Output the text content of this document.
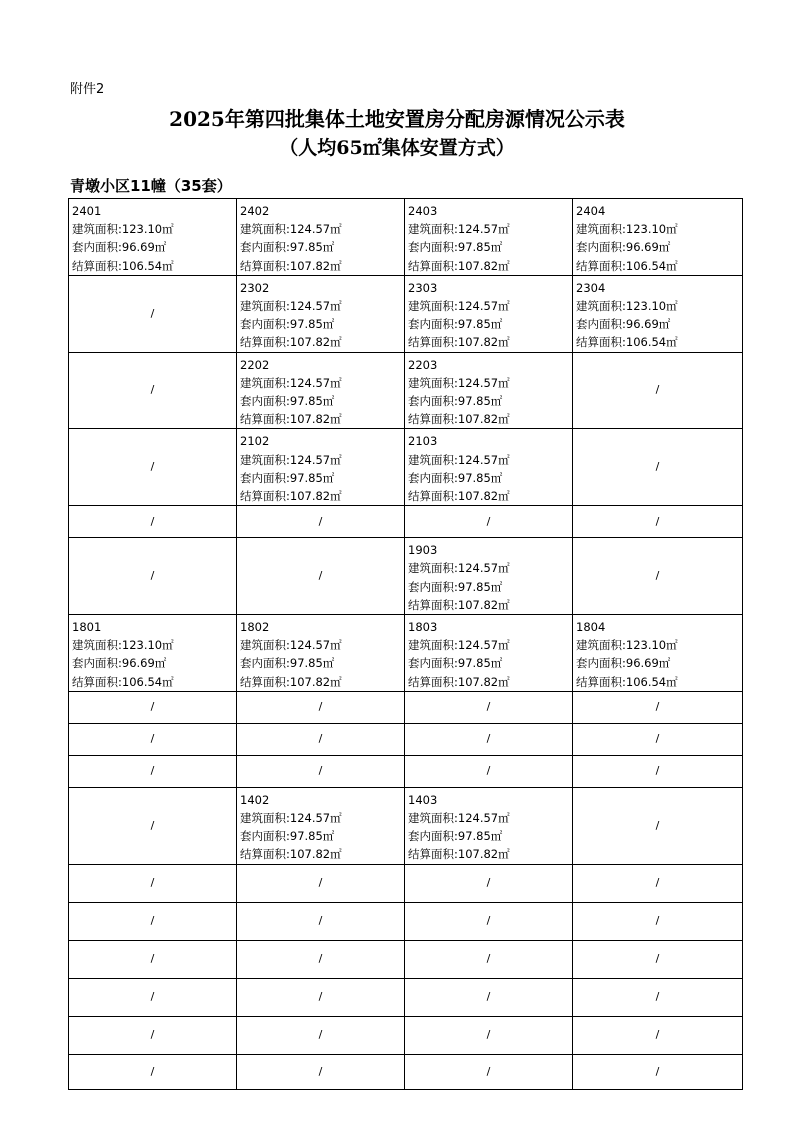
附件2
2025年第四批集体土地安置房分配房源情况公示表
（人均65㎡集体安置方式）
青墩小区11幢（35套）
2401
建筑面积:123.10㎡
套内面积:96.69㎡
结算面积:106.54㎡	2402
建筑面积:124.57㎡
套内面积:97.85㎡
结算面积:107.82㎡	2403
建筑面积:124.57㎡
套内面积:97.85㎡
结算面积:107.82㎡	2404
建筑面积:123.10㎡
套内面积:96.69㎡
结算面积:106.54㎡

/	2302
建筑面积:124.57㎡
套内面积:97.85㎡
结算面积:107.82㎡	2303
建筑面积:124.57㎡
套内面积:97.85㎡
结算面积:107.82㎡	2304
建筑面积:123.10㎡
套内面积:96.69㎡
结算面积:106.54㎡

/	2202
建筑面积:124.57㎡
套内面积:97.85㎡
结算面积:107.82㎡	2203
建筑面积:124.57㎡
套内面积:97.85㎡
结算面积:107.82㎡	/
/	2102
建筑面积:124.57㎡
套内面积:97.85㎡
结算面积:107.82㎡	2103
建筑面积:124.57㎡
套内面积:97.85㎡
结算面积:107.82㎡	/
/	/	/	/
/	/	1903
建筑面积:124.57㎡
套内面积:97.85㎡
结算面积:107.82㎡	/

1801
建筑面积:123.10㎡
套内面积:96.69㎡
结算面积:106.54㎡	1802
建筑面积:124.57㎡
套内面积:97.85㎡
结算面积:107.82㎡	1803
建筑面积:124.57㎡
套内面积:97.85㎡
结算面积:107.82㎡	1804
建筑面积:123.10㎡
套内面积:96.69㎡
结算面积:106.54㎡

/	/	/	/
/	/	/	/
/	/	/	/
/	1402
建筑面积:124.57㎡
套内面积:97.85㎡
结算面积:107.82㎡	1403
建筑面积:124.57㎡
套内面积:97.85㎡
结算面积:107.82㎡	/
/	/	/	/
/	/	/	/
/	/	/	/
/	/	/	/
/	/	/	/
/	/	/	/
